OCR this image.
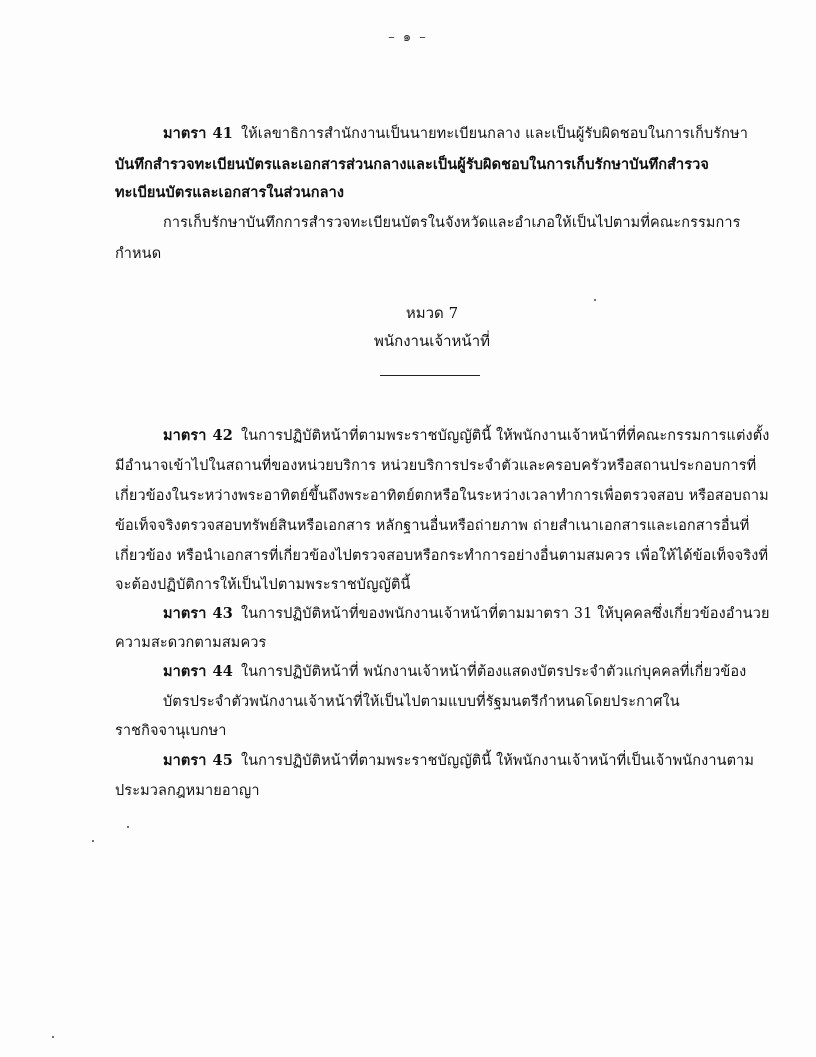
– ๑ –
มาตรา 41 ให้เลขาธิการสำนักงานเป็นนายทะเบียนกลาง และเป็นผู้รับผิดชอบในการเก็บรักษา
บันทึกสำรวจทะเบียนบัตรและเอกสารส่วนกลางและเป็นผู้รับผิดชอบในการเก็บรักษาบันทึกสำรวจ
ทะเบียนบัตรและเอกสารในส่วนกลาง
การเก็บรักษาบันทึกการสำรวจทะเบียนบัตรในจังหวัดและอำเภอให้เป็นไปตามที่คณะกรรมการ
กำหนด
หมวด 7
พนักงานเจ้าหน้าที่
มาตรา 42 ในการปฏิบัติหน้าที่ตามพระราชบัญญัตินี้ ให้พนักงานเจ้าหน้าที่ที่คณะกรรมการแต่งตั้ง
มีอำนาจเข้าไปในสถานที่ของหน่วยบริการ หน่วยบริการประจำตัวและครอบครัวหรือสถานประกอบการที่
เกี่ยวข้องในระหว่างพระอาทิตย์ขึ้นถึงพระอาทิตย์ตกหรือในระหว่างเวลาทำการเพื่อตรวจสอบ หรือสอบถาม
ข้อเท็จจริงตรวจสอบทรัพย์สินหรือเอกสาร หลักฐานอื่นหรือถ่ายภาพ ถ่ายสำเนาเอกสารและเอกสารอื่นที่
เกี่ยวข้อง หรือนำเอกสารที่เกี่ยวข้องไปตรวจสอบหรือกระทำการอย่างอื่นตามสมควร เพื่อให้ได้ข้อเท็จจริงที่
จะต้องปฏิบัติการให้เป็นไปตามพระราชบัญญัตินี้
มาตรา 43 ในการปฏิบัติหน้าที่ของพนักงานเจ้าหน้าที่ตามมาตรา 31 ให้บุคคลซึ่งเกี่ยวข้องอำนวย
ความสะดวกตามสมควร
มาตรา 44 ในการปฏิบัติหน้าที่ พนักงานเจ้าหน้าที่ต้องแสดงบัตรประจำตัวแก่บุคคลที่เกี่ยวข้อง
บัตรประจำตัวพนักงานเจ้าหน้าที่ให้เป็นไปตามแบบที่รัฐมนตรีกำหนดโดยประกาศใน
ราชกิจจานุเบกษา
มาตรา 45 ในการปฏิบัติหน้าที่ตามพระราชบัญญัตินี้ ให้พนักงานเจ้าหน้าที่เป็นเจ้าพนักงานตาม
ประมวลกฎหมายอาญา
